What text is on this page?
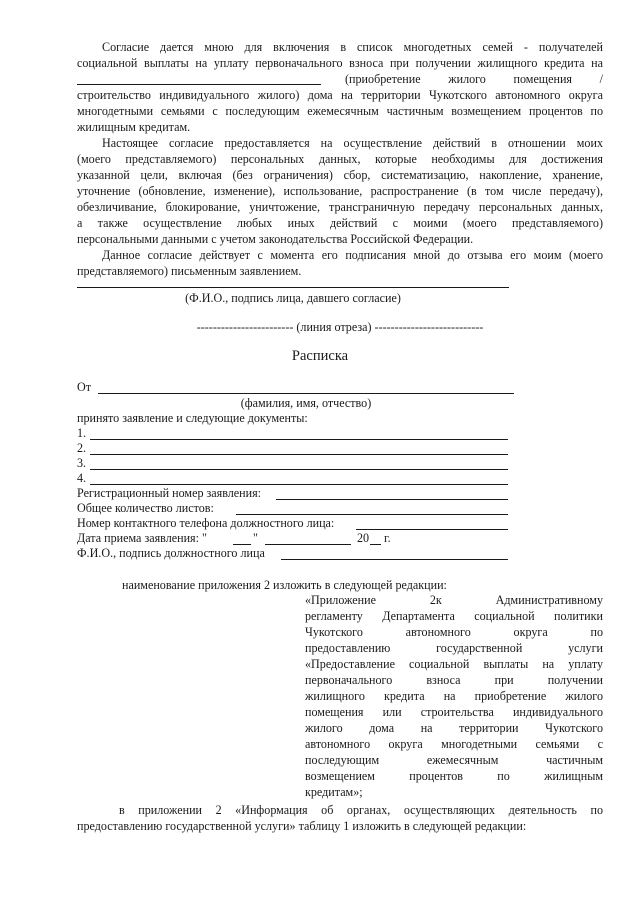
Согласие дается мною для включения в список многодетных семей - получателей

социальной выплаты на уплату первоначального взноса при получении жилищного кредита на

(приобретение жилого помещения /

строительство индивидуального жилого) дома на территории Чукотского автономного округа

многодетными семьями с последующим ежемесячным частичным возмещением процентов по

жилищным кредитам.

Настоящее согласие предоставляется на осуществление действий в отношении моих

(моего представляемого) персональных данных, которые необходимы для достижения

указанной цели, включая (без ограничения) сбор, систематизацию, накопление, хранение,

уточнение (обновление, изменение), использование, распространение (в том числе передачу),

обезличивание, блокирование, уничтожение, трансграничную передачу персональных данных,

а также осуществление любых иных действий с моими (моего представляемого)

персональными данными с учетом законодательства Российской Федерации.

Данное согласие действует с момента его подписания мной до отзыва его моим (моего

представляемого) письменным заявлением.

(Ф.И.О., подпись лица, давшего согласие)

------------------------ (линия отреза) ---------------------------

Расписка

От

(фамилия, имя, отчество)

принято заявление и следующие документы:

1.

2.

3.

4.

Регистрационный номер заявления:

Общее количество листов:

Номер контактного телефона должностного лица:

Дата приема заявления: "	"	20 г.

Ф.И.О., подпись должностного лица

наименование приложения 2 изложить в следующей редакции:

«Приложение 2к Административному

регламенту Департамента социальной политики

Чукотского автономного округа по

предоставлению государственной услуги

«Предоставление социальной выплаты на уплату

первоначального взноса при получении

жилищного кредита на приобретение жилого

помещения или строительства индивидуального

жилого дома на территории Чукотского

автономного округа многодетными семьями с

последующим ежемесячным частичным

возмещением процентов по жилищным

кредитам»;

в приложении 2 «Информация об органах, осуществляющих деятельность по

предоставлению государственной услуги» таблицу 1 изложить в следующей редакции:
